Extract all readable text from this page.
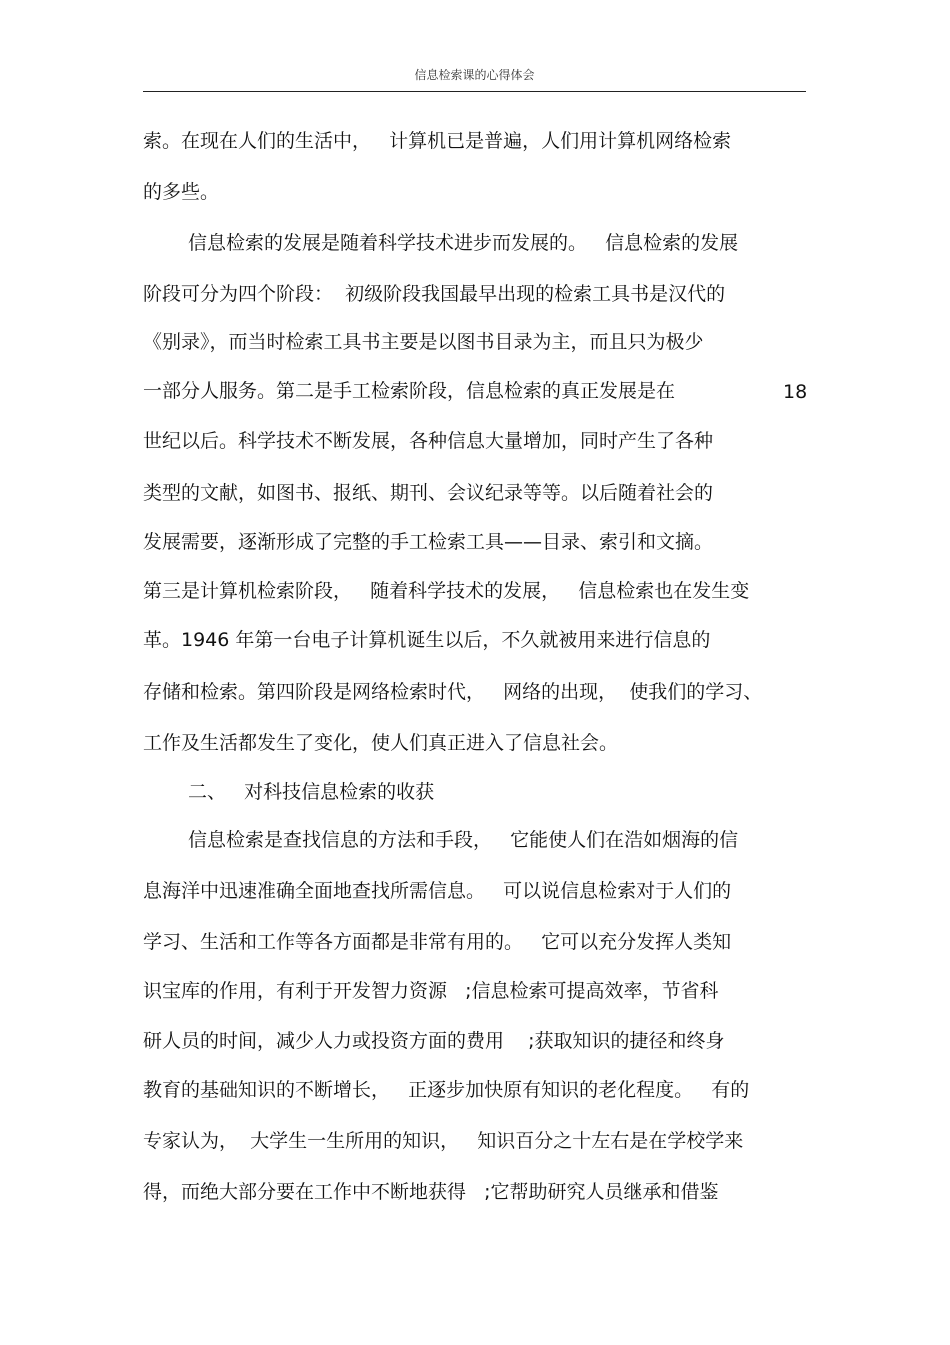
信息检索课的心得体会
索。在现在人们的生活中，   计算机已是普遍，人们用计算机网络检索
的多些。
信息检索的发展是随着科学技术进步而发展的。   信息检索的发展
阶段可分为四个阶段：  初级阶段我国最早出现的检索工具书是汉代的
《别录》，而当时检索工具书主要是以图书目录为主，而且只为极少
一部分人服务。第二是手工检索阶段，信息检索的真正发展是在	18
世纪以后。科学技术不断发展，各种信息大量增加，同时产生了各种
类型的文献，如图书、报纸、期刊、会议纪录等等。以后随着社会的
发展需要，逐渐形成了完整的手工检索工具——目录、索引和文摘。
第三是计算机检索阶段，   随着科学技术的发展，   信息检索也在发生变
革。1946 年第一台电子计算机诞生以后，不久就被用来进行信息的
存储和检索。第四阶段是网络检索时代，   网络的出现，  使我们的学习、
工作及生活都发生了变化，使人们真正进入了信息社会。
二、   对科技信息检索的收获
信息检索是查找信息的方法和手段，   它能使人们在浩如烟海的信
息海洋中迅速准确全面地查找所需信息。   可以说信息检索对于人们的
学习、生活和工作等各方面都是非常有用的。   它可以充分发挥人类知
识宝库的作用，有利于开发智力资源   ;信息检索可提高效率，节省科
研人员的时间，减少人力或投资方面的费用    ;获取知识的捷径和终身
教育的基础知识的不断增长，   正逐步加快原有知识的老化程度。   有的
专家认为，  大学生一生所用的知识，   知识百分之十左右是在学校学来
得，而绝大部分要在工作中不断地获得   ;它帮助研究人员继承和借鉴
